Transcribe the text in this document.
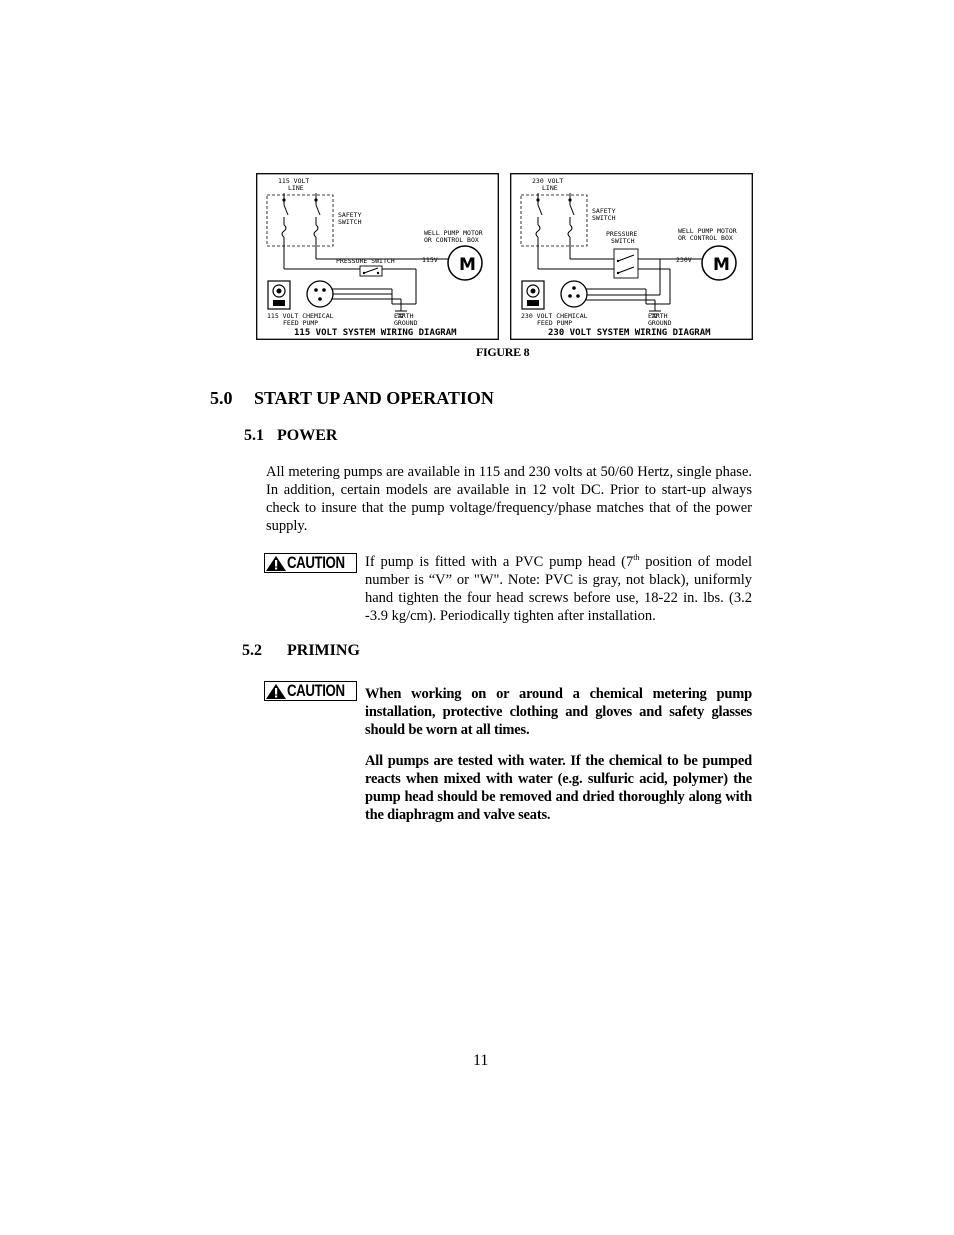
115 VOLT
LINE
SAFETY
SWITCH
WELL PUMP MOTOR
OR CONTROL BOX
M
115V
PRESSURE SWITCH
115 VOLT CHEMICAL
FEED PUMP
EARTH
GROUND
115 VOLT SYSTEM WIRING DIAGRAM
230 VOLT
LINE
SAFETY
SWITCH
WELL PUMP MOTOR
OR CONTROL BOX
PRESSURE
SWITCH
M
230V
230 VOLT CHEMICAL
FEED PUMP
EARTH
GROUND
230 VOLT SYSTEM WIRING DIAGRAM
FIGURE 8
5.0 START UP AND OPERATION
5.1 POWER
All metering pumps are available in 115 and 230 volts at 50/60 Hertz, single phase. In addition, certain models are available in 12 volt DC. Prior to start-up always check to insure that the pump voltage/frequency/phase matches that of the power supply.
CAUTION If pump is fitted with a PVC pump head (7th position of model number is “V” or "W". Note: PVC is gray, not black), uniformly hand tighten the four head screws before use, 18-22 in. lbs. (3.2 -3.9 kg/cm). Periodically tighten after installation.
5.2 PRIMING
CAUTION When working on or around a chemical metering pump installation, protective clothing and gloves and safety glasses should be worn at all times.
All pumps are tested with water. If the chemical to be pumped reacts when mixed with water (e.g. sulfuric acid, polymer) the pump head should be removed and dried thoroughly along with the diaphragm and valve seats.
11
